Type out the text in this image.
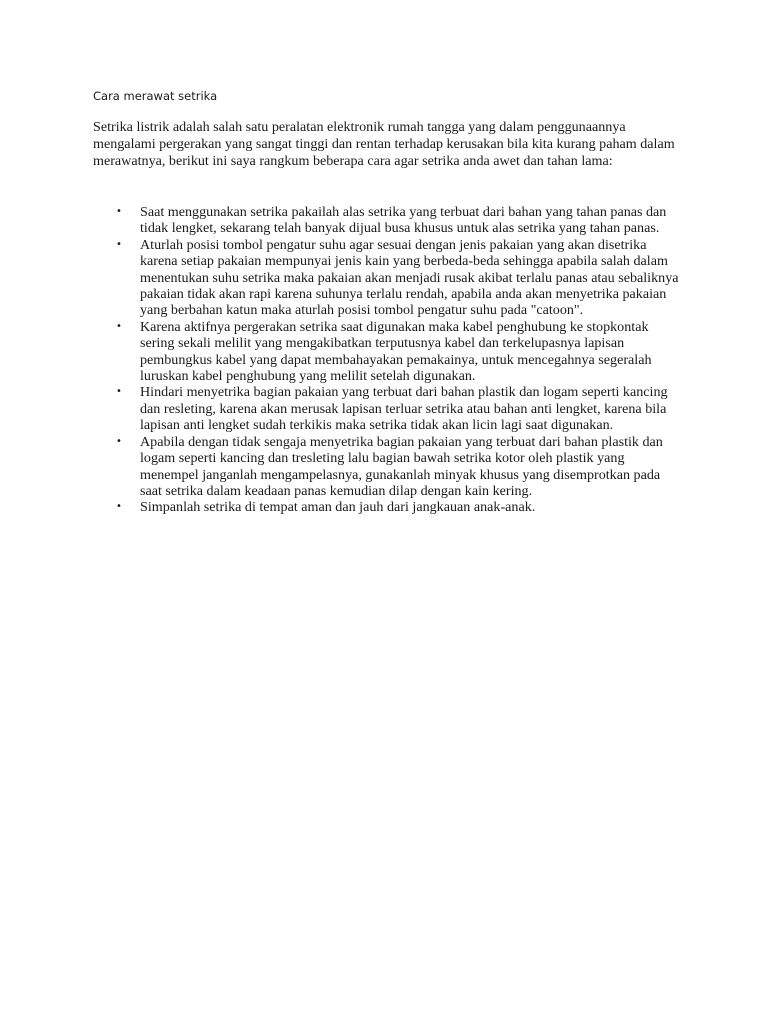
Cara merawat setrika

Setrika listrik adalah salah satu peralatan elektronik rumah tangga yang dalam penggunaannya mengalami pergerakan yang sangat tinggi dan rentan terhadap kerusakan bila kita kurang paham dalam merawatnya, berikut ini saya rangkum beberapa cara agar setrika anda awet dan tahan lama:

• Saat menggunakan setrika pakailah alas setrika yang terbuat dari bahan yang tahan panas dan tidak lengket, sekarang telah banyak dijual busa khusus untuk alas setrika yang tahan panas.
• Aturlah posisi tombol pengatur suhu agar sesuai dengan jenis pakaian yang akan disetrika karena setiap pakaian mempunyai jenis kain yang berbeda-beda sehingga apabila salah dalam menentukan suhu setrika maka pakaian akan menjadi rusak akibat terlalu panas atau sebaliknya pakaian tidak akan rapi karena suhunya terlalu rendah, apabila anda akan menyetrika pakaian yang berbahan katun maka aturlah posisi tombol pengatur suhu pada "catoon".
• Karena aktifnya pergerakan setrika saat digunakan maka kabel penghubung ke stopkontak sering sekali melilit yang mengakibatkan terputusnya kabel dan terkelupasnya lapisan pembungkus kabel yang dapat membahayakan pemakainya, untuk mencegahnya segeralah luruskan kabel penghubung yang melilit setelah digunakan.
• Hindari menyetrika bagian pakaian yang terbuat dari bahan plastik dan logam seperti kancing dan resleting, karena akan merusak lapisan terluar setrika atau bahan anti lengket, karena bila lapisan anti lengket sudah terkikis maka setrika tidak akan licin lagi saat digunakan.
• Apabila dengan tidak sengaja menyetrika bagian pakaian yang terbuat dari bahan plastik dan logam seperti kancing dan tresleting lalu bagian bawah setrika kotor oleh plastik yang menempel janganlah mengampelasnya, gunakanlah minyak khusus yang disemprotkan pada saat setrika dalam keadaan panas kemudian dilap dengan kain kering.
• Simpanlah setrika di tempat aman dan jauh dari jangkauan anak-anak.
